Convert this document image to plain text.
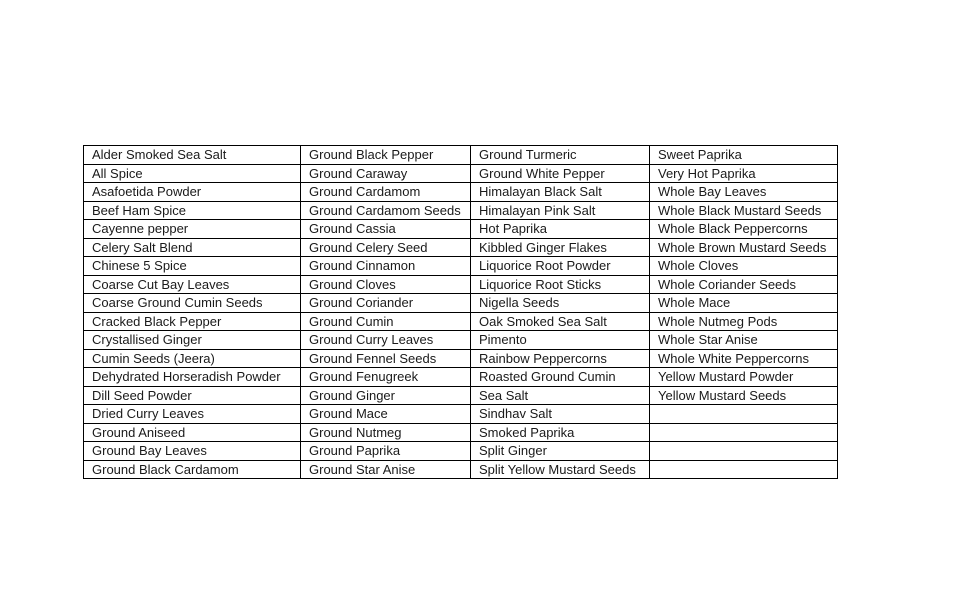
Alder Smoked Sea Salt	Ground Black Pepper	Ground Turmeric	Sweet Paprika
All Spice	Ground Caraway	Ground White Pepper	Very Hot Paprika
Asafoetida Powder	Ground Cardamom	Himalayan Black Salt	Whole Bay Leaves
Beef Ham Spice	Ground Cardamom Seeds	Himalayan Pink Salt	Whole Black Mustard Seeds
Cayenne pepper	Ground Cassia	Hot Paprika	Whole Black Peppercorns
Celery Salt Blend	Ground Celery Seed	Kibbled Ginger Flakes	Whole Brown Mustard Seeds
Chinese 5 Spice	Ground Cinnamon	Liquorice Root Powder	Whole Cloves
Coarse Cut Bay Leaves	Ground Cloves	Liquorice Root Sticks	Whole Coriander Seeds
Coarse Ground Cumin Seeds	Ground Coriander	Nigella Seeds	Whole Mace
Cracked Black Pepper	Ground Cumin	Oak Smoked Sea Salt	Whole Nutmeg Pods
Crystallised Ginger	Ground Curry Leaves	Pimento	Whole Star Anise
Cumin Seeds (Jeera)	Ground Fennel Seeds	Rainbow Peppercorns	Whole White Peppercorns
Dehydrated Horseradish Powder	Ground Fenugreek	Roasted Ground Cumin	Yellow Mustard Powder
Dill Seed Powder	Ground Ginger	Sea Salt	Yellow Mustard Seeds
Dried Curry Leaves	Ground Mace	Sindhav Salt	
Ground Aniseed	Ground Nutmeg	Smoked Paprika	
Ground Bay Leaves	Ground Paprika	Split Ginger	
Ground Black Cardamom	Ground Star Anise	Split Yellow Mustard Seeds	
